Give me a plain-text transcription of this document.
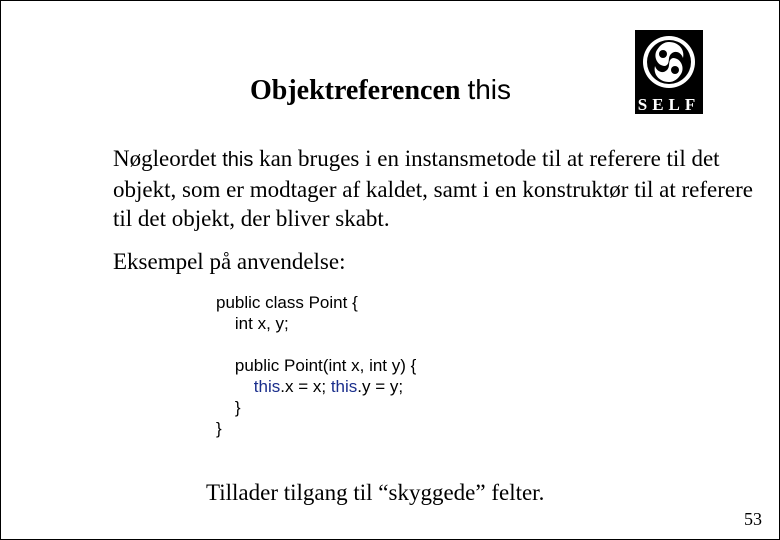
Objektreferencen this	SELF
Nøgleordet this kan bruges i en instansmetode til at referere til det objekt, som er modtager af kaldet, samt i en konstruktør til at referere til det objekt, der bliver skabt.
Eksempel på anvendelse:
public class Point {
int x, y;
public Point(int x, int y) {
this.x = x; this.y = y;
}
}
Tillader tilgang til “skyggede” felter.
53
